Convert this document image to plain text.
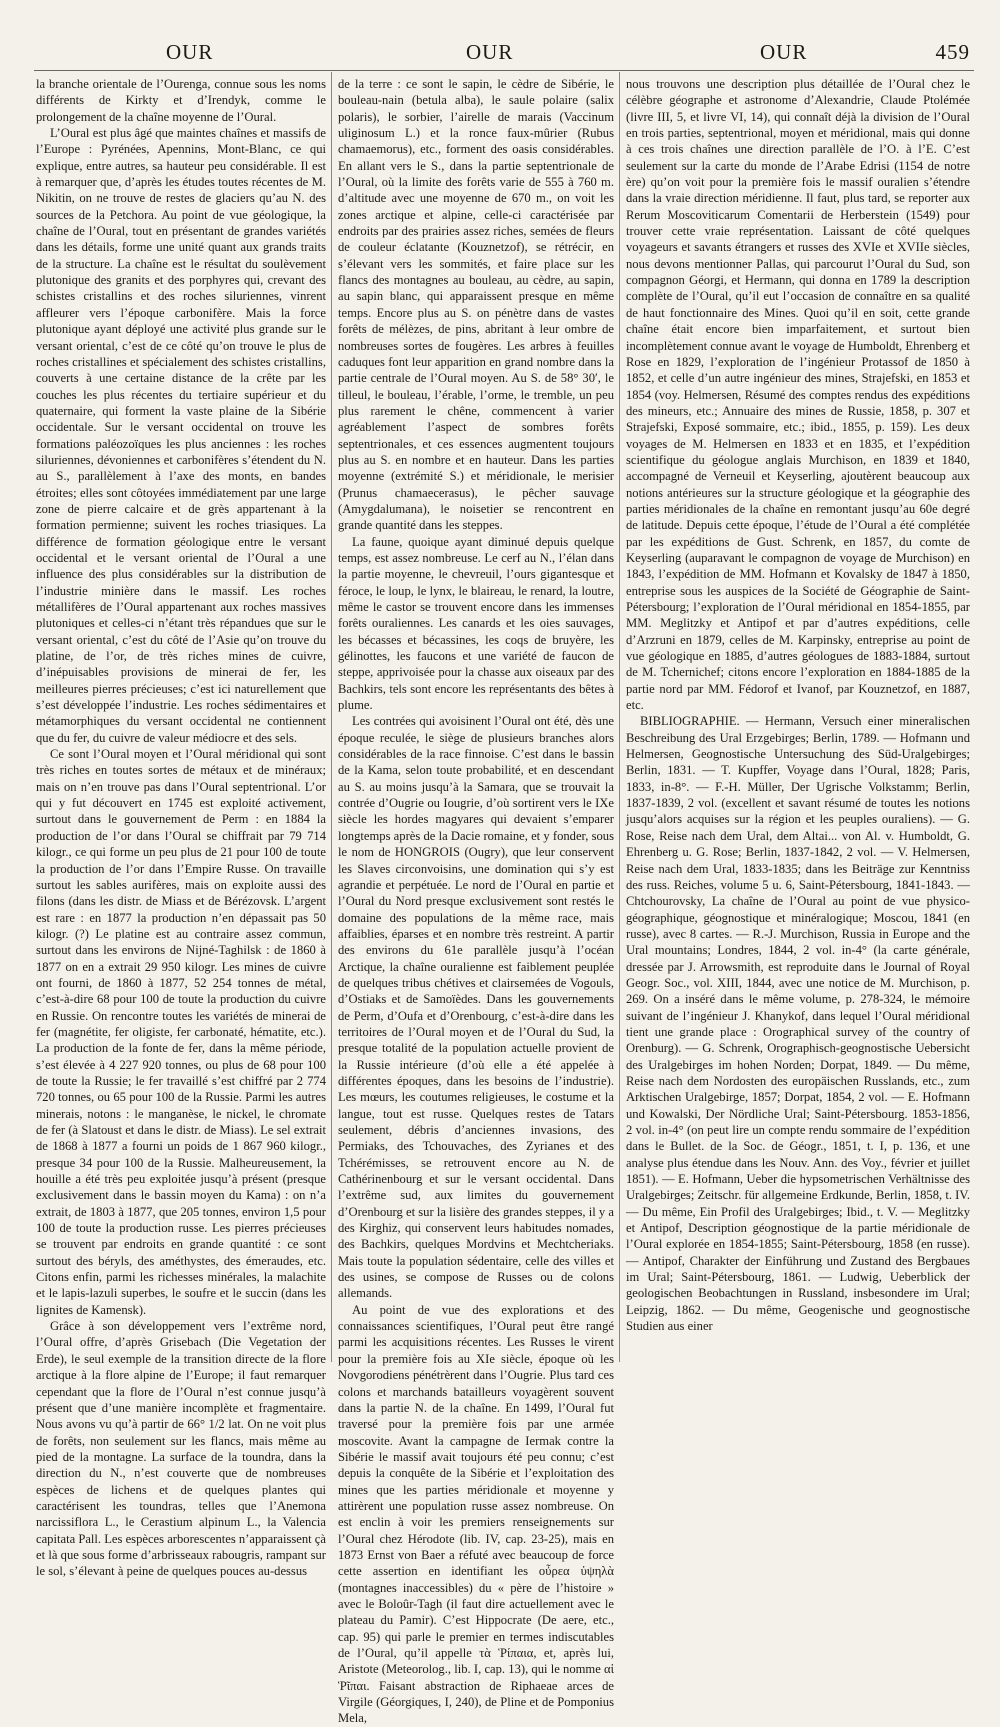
OUR	OUR	OUR	459

la branche orientale de l’Ourenga, connue sous les noms différents de Kirkty et d’Irendyk, comme le prolongement de la chaîne moyenne de l’Oural.

L’Oural est plus âgé que maintes chaînes et massifs de l’Europe : Pyrénées, Apennins, Mont-Blanc, ce qui explique, entre autres, sa hauteur peu considérable. Il est à remarquer que, d’après les études toutes récentes de M. Nikitin, on ne trouve de restes de glaciers qu’au N. des sources de la Petchora. Au point de vue géologique, la chaîne de l’Oural, tout en présentant de grandes variétés dans les détails, forme une unité quant aux grands traits de la structure. La chaîne est le résultat du soulèvement plutonique des granits et des porphyres qui, crevant des schistes cristallins et des roches siluriennes, vinrent affleurer vers l’époque carbonifère. Mais la force plutonique ayant déployé une activité plus grande sur le versant oriental, c’est de ce côté qu’on trouve le plus de roches cristallines et spécialement des schistes cristallins, couverts à une certaine distance de la crête par les couches les plus récentes du tertiaire supérieur et du quaternaire, qui forment la vaste plaine de la Sibérie occidentale. Sur le versant occidental on trouve les formations paléozoïques les plus anciennes : les roches siluriennes, dévoniennes et carbonifères s’étendent du N. au S., parallèlement à l’axe des monts, en bandes étroites; elles sont côtoyées immédiatement par une large zone de pierre calcaire et de grès appartenant à la formation permienne; suivent les roches triasiques. La différence de formation géologique entre le versant occidental et le versant oriental de l’Oural a une influence des plus considérables sur la distribution de l’industrie minière dans le massif. Les roches métallifères de l’Oural appartenant aux roches massives plutoniques et celles-ci n’étant très répandues que sur le versant oriental, c’est du côté de l’Asie qu’on trouve du platine, de l’or, de très riches mines de cuivre, d’inépuisables provisions de minerai de fer, les meilleures pierres précieuses; c’est ici naturellement que s’est développée l’industrie. Les roches sédimentaires et métamorphiques du versant occidental ne contiennent que du fer, du cuivre de valeur médiocre et des sels.

Ce sont l’Oural moyen et l’Oural méridional qui sont très riches en toutes sortes de métaux et de minéraux; mais on n’en trouve pas dans l’Oural septentrional. L’or qui y fut découvert en 1745 est exploité activement, surtout dans le gouvernement de Perm : en 1884 la production de l’or dans l’Oural se chiffrait par 79 714 kilogr., ce qui forme un peu plus de 21 pour 100 de toute la production de l’or dans l’Empire Russe. On travaille surtout les sables aurifères, mais on exploite aussi des filons (dans les distr. de Miass et de Bérézovsk. L’argent est rare : en 1877 la production n’en dépassait pas 50 kilogr. (?) Le platine est au contraire assez commun, surtout dans les environs de Nijné-Taghilsk : de 1860 à 1877 on en a extrait 29 950 kilogr. Les mines de cuivre ont fourni, de 1860 à 1877, 52 254 tonnes de métal, c’est-à-dire 68 pour 100 de toute la production du cuivre en Russie. On rencontre toutes les variétés de minerai de fer (magnétite, fer oligiste, fer carbonaté, hématite, etc.). La production de la fonte de fer, dans la même période, s’est élevée à 4 227 920 tonnes, ou plus de 68 pour 100 de toute la Russie; le fer travaillé s’est chiffré par 2 774 720 tonnes, ou 65 pour 100 de la Russie. Parmi les autres minerais, notons : le manganèse, le nickel, le chromate de fer (à Slatoust et dans le distr. de Miass). Le sel extrait de 1868 à 1877 a fourni un poids de 1 867 960 kilogr., presque 34 pour 100 de la Russie. Malheureusement, la houille a été très peu exploitée jusqu’à présent (presque exclusivement dans le bassin moyen du Kama) : on n’a extrait, de 1803 à 1877, que 205 tonnes, environ 1,5 pour 100 de toute la production russe. Les pierres précieuses se trouvent par endroits en grande quantité : ce sont surtout des béryls, des améthystes, des émeraudes, etc. Citons enfin, parmi les richesses minérales, la malachite et le lapis-lazuli superbes, le soufre et le succin (dans les lignites de Kamensk).

Grâce à son développement vers l’extrême nord, l’Oural offre, d’après Grisebach (Die Vegetation der Erde), le seul exemple de la transition directe de la flore arctique à la flore alpine de l’Europe; il faut remarquer cependant que la flore de l’Oural n’est connue jusqu’à présent que d’une manière incomplète et fragmentaire. Nous avons vu qu’à partir de 66° 1/2 lat. On ne voit plus de forêts, non seulement sur les flancs, mais même au pied de la montagne. La surface de la toundra, dans la direction du N., n’est couverte que de nombreuses espèces de lichens et de quelques plantes qui caractérisent les toundras, telles que l’Anemona narcissiflora L., le Cerastium alpinum L., la Valencia capitata Pall. Les espèces arborescentes n’apparaissent çà et là que sous forme d’arbrisseaux rabougris, rampant sur le sol, s’élevant à peine de quelques pouces au-dessus

de la terre : ce sont le sapin, le cèdre de Sibérie, le bouleau-nain (betula alba), le saule polaire (salix polaris), le sorbier, l’airelle de marais (Vaccinum uliginosum L.) et la ronce faux-mûrier (Rubus chamaemorus), etc., forment des oasis considérables. En allant vers le S., dans la partie septentrionale de l’Oural, où la limite des forêts varie de 555 à 760 m. d’altitude avec une moyenne de 670 m., on voit les zones arctique et alpine, celle-ci caractérisée par endroits par des prairies assez riches, semées de fleurs de couleur éclatante (Kouznetzof), se rétrécir, en s’élevant vers les sommités, et faire place sur les flancs des montagnes au bouleau, au cèdre, au sapin, au sapin blanc, qui apparaissent presque en même temps. Encore plus au S. on pénètre dans de vastes forêts de mélèzes, de pins, abritant à leur ombre de nombreuses sortes de fougères. Les arbres à feuilles caduques font leur apparition en grand nombre dans la partie centrale de l’Oural moyen. Au S. de 58° 30′, le tilleul, le bouleau, l’érable, l’orme, le tremble, un peu plus rarement le chêne, commencent à varier agréablement l’aspect de sombres forêts septentrionales, et ces essences augmentent toujours plus au S. en nombre et en hauteur. Dans les parties moyenne (extrémité S.) et méridionale, le merisier (Prunus chamaecerasus), le pêcher sauvage (Amygdalumana), le noisetier se rencontrent en grande quantité dans les steppes.

La faune, quoique ayant diminué depuis quelque temps, est assez nombreuse. Le cerf au N., l’élan dans la partie moyenne, le chevreuil, l’ours gigantesque et féroce, le loup, le lynx, le blaireau, le renard, la loutre, même le castor se trouvent encore dans les immenses forêts ouraliennes. Les canards et les oies sauvages, les bécasses et bécassines, les coqs de bruyère, les gélinottes, les faucons et une variété de faucon de steppe, apprivoisée pour la chasse aux oiseaux par des Bachkirs, tels sont encore les représentants des bêtes à plume.

Les contrées qui avoisinent l’Oural ont été, dès une époque reculée, le siège de plusieurs branches alors considérables de la race finnoise. C’est dans le bassin de la Kama, selon toute probabilité, et en descendant au S. au moins jusqu’à la Samara, que se trouvait la contrée d’Ougrie ou Iougrie, d’où sortirent vers le IXe siècle les hordes magyares qui devaient s’emparer longtemps après de la Dacie romaine, et y fonder, sous le nom de HONGROIS (Ougry), que leur conservent les Slaves circonvoisins, une domination qui s’y est agrandie et perpétuée. Le nord de l’Oural en partie et l’Oural du Nord presque exclusivement sont restés le domaine des populations de la même race, mais affaiblies, éparses et en nombre très restreint. A partir des environs du 61e parallèle jusqu’à l’océan Arctique, la chaîne ouralienne est faiblement peuplée de quelques tribus chétives et clairsemées de Vogouls, d’Ostiaks et de Samoïèdes. Dans les gouvernements de Perm, d’Oufa et d’Orenbourg, c’est-à-dire dans les territoires de l’Oural moyen et de l’Oural du Sud, la presque totalité de la population actuelle provient de la Russie intérieure (d’où elle a été appelée à différentes époques, dans les besoins de l’industrie). Les mœurs, les coutumes religieuses, le costume et la langue, tout est russe. Quelques restes de Tatars seulement, débris d’anciennes invasions, des Permiaks, des Tchouvaches, des Zyrianes et des Tchérémisses, se retrouvent encore au N. de Cathérinenbourg et sur le versant occidental. Dans l’extrême sud, aux limites du gouvernement d’Orenbourg et sur la lisière des grandes steppes, il y a des Kirghiz, qui conservent leurs habitudes nomades, des Bachkirs, quelques Mordvins et Mechtcheriaks. Mais toute la population sédentaire, celle des villes et des usines, se compose de Russes ou de colons allemands.

Au point de vue des explorations et des connaissances scientifiques, l’Oural peut être rangé parmi les acquisitions récentes. Les Russes le virent pour la première fois au XIe siècle, époque où les Novgorodiens pénétrèrent dans l’Ougrie. Plus tard ces colons et marchands batailleurs voyagèrent souvent dans la partie N. de la chaîne. En 1499, l’Oural fut traversé pour la première fois par une armée moscovite. Avant la campagne de Iermak contre la Sibérie le massif avait toujours été peu connu; c’est depuis la conquête de la Sibérie et l’exploitation des mines que les parties méridionale et moyenne y attirèrent une population russe assez nombreuse. On est enclin à voir les premiers renseignements sur l’Oural chez Hérodote (lib. IV, cap. 23-25), mais en 1873 Ernst von Baer a réfuté avec beaucoup de force cette assertion en identifiant les οὖρεα ὑψηλὰ (montagnes inaccessibles) du « père de l’histoire » avec le Boloûr-Tagh (il faut dire actuellement avec le plateau du Pamir). C’est Hippocrate (De aere, etc., cap. 95) qui parle le premier en termes indiscutables de l’Oural, qu’il appelle τὰ Ῥίπαια, et, après lui, Aristote (Meteorolog., lib. I, cap. 13), qui le nomme αἱ Ῥῖπαι. Faisant abstraction de Riphaeae arces de Virgile (Géorgiques, I, 240), de Pline et de Pomponius Mela,

nous trouvons une description plus détaillée de l’Oural chez le célèbre géographe et astronome d’Alexandrie, Claude Ptolémée (livre III, 5, et livre VI, 14), qui connaît déjà la division de l’Oural en trois parties, septentrional, moyen et méridional, mais qui donne à ces trois chaînes une direction parallèle de l’O. à l’E. C’est seulement sur la carte du monde de l’Arabe Edrisi (1154 de notre ère) qu’on voit pour la première fois le massif ouralien s’étendre dans la vraie direction méridienne. Il faut, plus tard, se reporter aux Rerum Moscoviticarum Comentarii de Herberstein (1549) pour trouver cette vraie représentation. Laissant de côté quelques voyageurs et savants étrangers et russes des XVIe et XVIIe siècles, nous devons mentionner Pallas, qui parcourut l’Oural du Sud, son compagnon Géorgi, et Hermann, qui donna en 1789 la description complète de l’Oural, qu’il eut l’occasion de connaître en sa qualité de haut fonctionnaire des Mines. Quoi qu’il en soit, cette grande chaîne était encore bien imparfaitement, et surtout bien incomplètement connue avant le voyage de Humboldt, Ehrenberg et Rose en 1829, l’exploration de l’ingénieur Protassof de 1850 à 1852, et celle d’un autre ingénieur des mines, Strajefski, en 1853 et 1854 (voy. Helmersen, Résumé des comptes rendus des expéditions des mineurs, etc.; Annuaire des mines de Russie, 1858, p. 307 et Strajefski, Exposé sommaire, etc.; ibid., 1855, p. 159). Les deux voyages de M. Helmersen en 1833 et en 1835, et l’expédition scientifique du géologue anglais Murchison, en 1839 et 1840, accompagné de Verneuil et Keyserling, ajoutèrent beaucoup aux notions antérieures sur la structure géologique et la géographie des parties méridionales de la chaîne en remontant jusqu’au 60e degré de latitude. Depuis cette époque, l’étude de l’Oural a été complétée par les expéditions de Gust. Schrenk, en 1857, du comte de Keyserling (auparavant le compagnon de voyage de Murchison) en 1843, l’expédition de MM. Hofmann et Kovalsky de 1847 à 1850, entreprise sous les auspices de la Société de Géographie de Saint-Pétersbourg; l’exploration de l’Oural méridional en 1854-1855, par MM. Meglitzky et Antipof et par d’autres expéditions, celle d’Arzruni en 1879, celles de M. Karpinsky, entreprise au point de vue géologique en 1885, d’autres géologues de 1883-1884, surtout de M. Tchernichef; citons encore l’exploration en 1884-1885 de la partie nord par MM. Fédorof et Ivanof, par Kouznetzof, en 1887, etc.

BIBLIOGRAPHIE. — Hermann, Versuch einer mineralischen Beschreibung des Ural Erzgebirges; Berlin, 1789. — Hofmann und Helmersen, Geognostische Untersuchung des Süd-Uralgebirges; Berlin, 1831. — T. Kupffer, Voyage dans l’Oural, 1828; Paris, 1833, in-8°. — F.-H. Müller, Der Ugrische Volkstamm; Berlin, 1837-1839, 2 vol. (excellent et savant résumé de toutes les notions jusqu’alors acquises sur la région et les peuples ouraliens). — G. Rose, Reise nach dem Ural, dem Altai... von Al. v. Humboldt, G. Ehrenberg u. G. Rose; Berlin, 1837-1842, 2 vol. — V. Helmersen, Reise nach dem Ural, 1833-1835; dans les Beiträge zur Kenntniss des russ. Reiches, volume 5 u. 6, Saint-Pétersbourg, 1841-1843. — Chtchourovsky, La chaîne de l’Oural au point de vue physico-géographique, géognostique et minéralogique; Moscou, 1841 (en russe), avec 8 cartes. — R.-J. Murchison, Russia in Europe and the Ural mountains; Londres, 1844, 2 vol. in-4° (la carte générale, dressée par J. Arrowsmith, est reproduite dans le Journal of Royal Geogr. Soc., vol. XIII, 1844, avec une notice de M. Murchison, p. 269. On a inséré dans le même volume, p. 278-324, le mémoire suivant de l’ingénieur J. Khanykof, dans lequel l’Oural méridional tient une grande place : Orographical survey of the country of Orenburg). — G. Schrenk, Orographisch-geognostische Uebersicht des Uralgebirges im hohen Norden; Dorpat, 1849. — Du même, Reise nach dem Nordosten des europäischen Russlands, etc., zum Arktischen Uralgebirge, 1857; Dorpat, 1854, 2 vol. — E. Hofmann und Kowalski, Der Nördliche Ural; Saint-Pétersbourg. 1853-1856, 2 vol. in-4° (on peut lire un compte rendu sommaire de l’expédition dans le Bullet. de la Soc. de Géogr., 1851, t. I, p. 136, et une analyse plus étendue dans les Nouv. Ann. des Voy., février et juillet 1851). — E. Hofmann, Ueber die hypsometrischen Verhältnisse des Uralgebirges; Zeitschr. für allgemeine Erdkunde, Berlin, 1858, t. IV. — Du même, Ein Profil des Uralgebirges; Ibid., t. V. — Meglitzky et Antipof, Description géognostique de la partie méridionale de l’Oural explorée en 1854-1855; Saint-Pétersbourg, 1858 (en russe). — Antipof, Charakter der Einführung und Zustand des Bergbaues im Ural; Saint-Pétersbourg, 1861. — Ludwig, Ueberblick der geologischen Beobachtungen in Russland, insbesondere im Ural; Leipzig, 1862. — Du même, Geogenische und geognostische Studien aus einer
